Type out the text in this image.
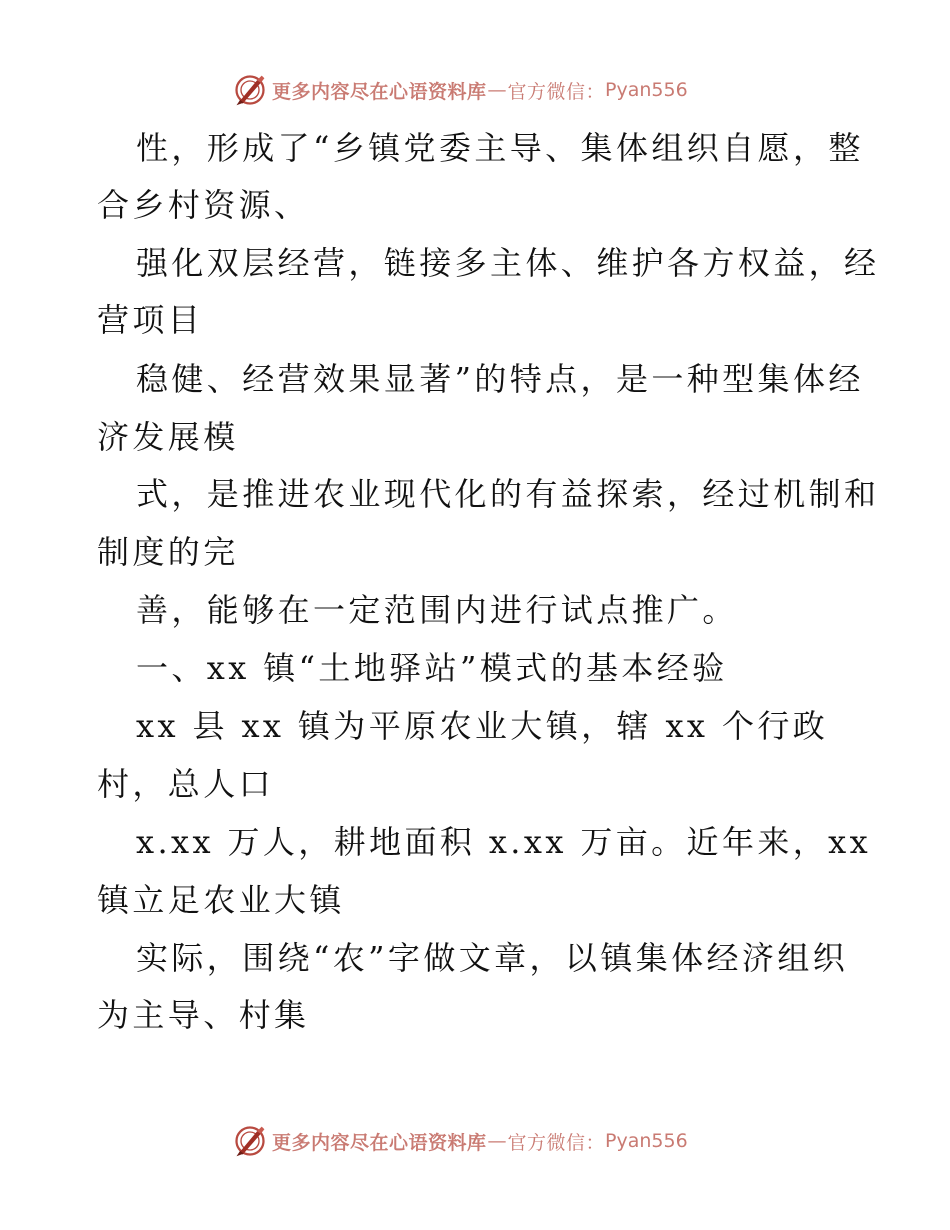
更多内容尽在心语资料库 — 官方微信： Pyan556
性，形成了“乡镇党委主导、集体组织自愿，整
合乡村资源、
强化双层经营，链接多主体、维护各方权益，经
营项目
稳健、经营效果显著”的特点，是一种型集体经
济发展模
式，是推进农业现代化的有益探索，经过机制和
制度的完
善，能够在一定范围内进行试点推广。
一、xx 镇“土地驿站”模式的基本经验
xx 县 xx 镇为平原农业大镇，辖 xx 个行政
村，总人口
x.xx 万人，耕地面积 x.xx 万亩。近年来，xx
镇立足农业大镇
实际，围绕“农”字做文章，以镇集体经济组织
为主导、村集
更多内容尽在心语资料库 — 官方微信： Pyan556
